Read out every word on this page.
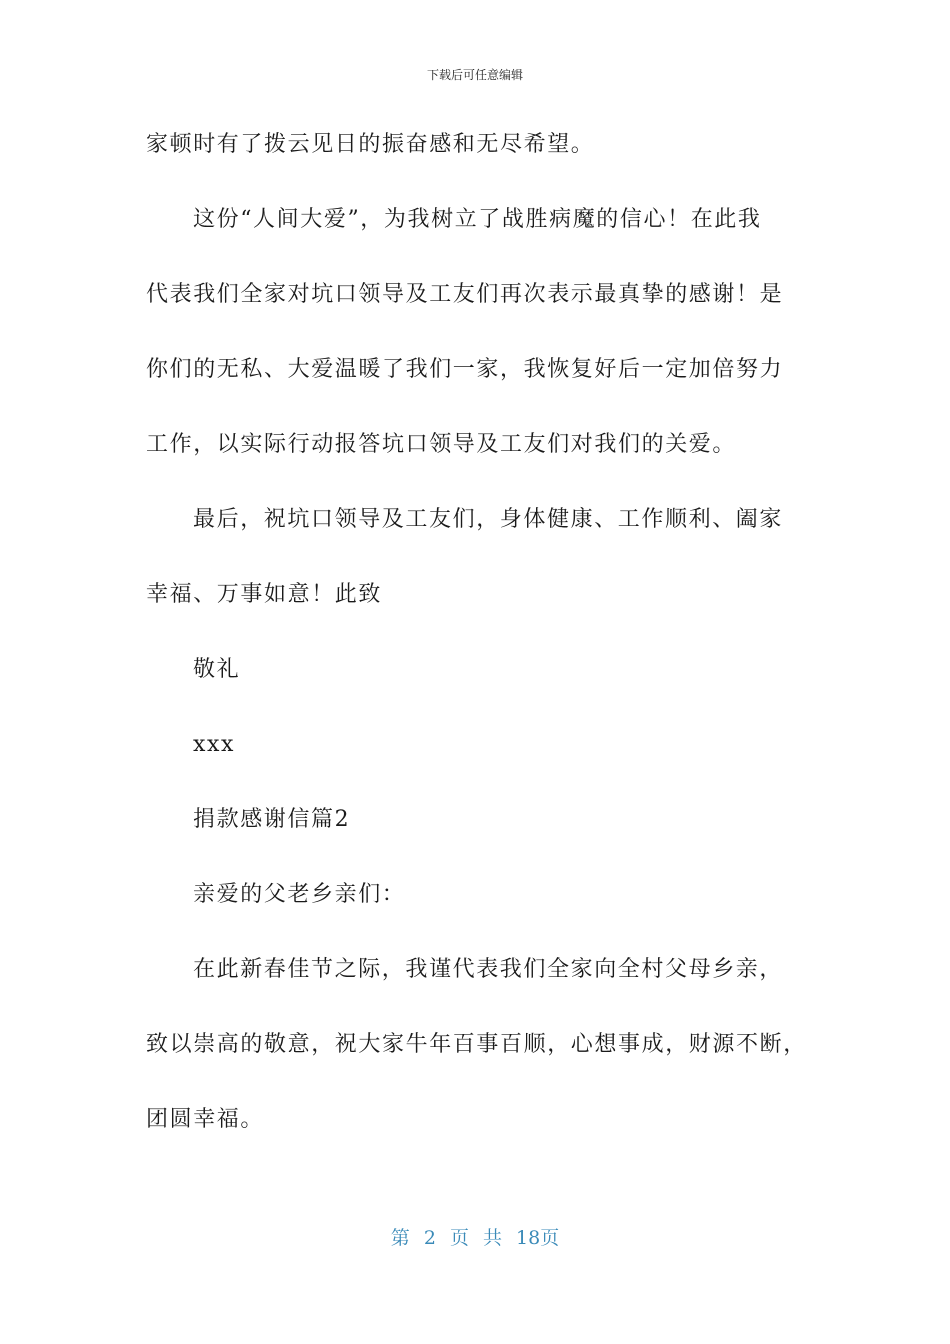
下载后可任意编辑
家顿时有了拨云见日的振奋感和无尽希望。
这份“人间大爱”，为我树立了战胜病魔的信心！在此我
代表我们全家对坑口领导及工友们再次表示最真挚的感谢！是
你们的无私、大爱温暖了我们一家，我恢复好后一定加倍努力
工作，以实际行动报答坑口领导及工友们对我们的关爱。
最后，祝坑口领导及工友们，身体健康、工作顺利、阖家
幸福、万事如意！此致
敬礼
xxx
捐款感谢信篇2
亲爱的父老乡亲们：
在此新春佳节之际，我谨代表我们全家向全村父母乡亲，
致以崇高的敬意，祝大家牛年百事百顺，心想事成，财源不断，
团圆幸福。
第 2 页 共 18页
